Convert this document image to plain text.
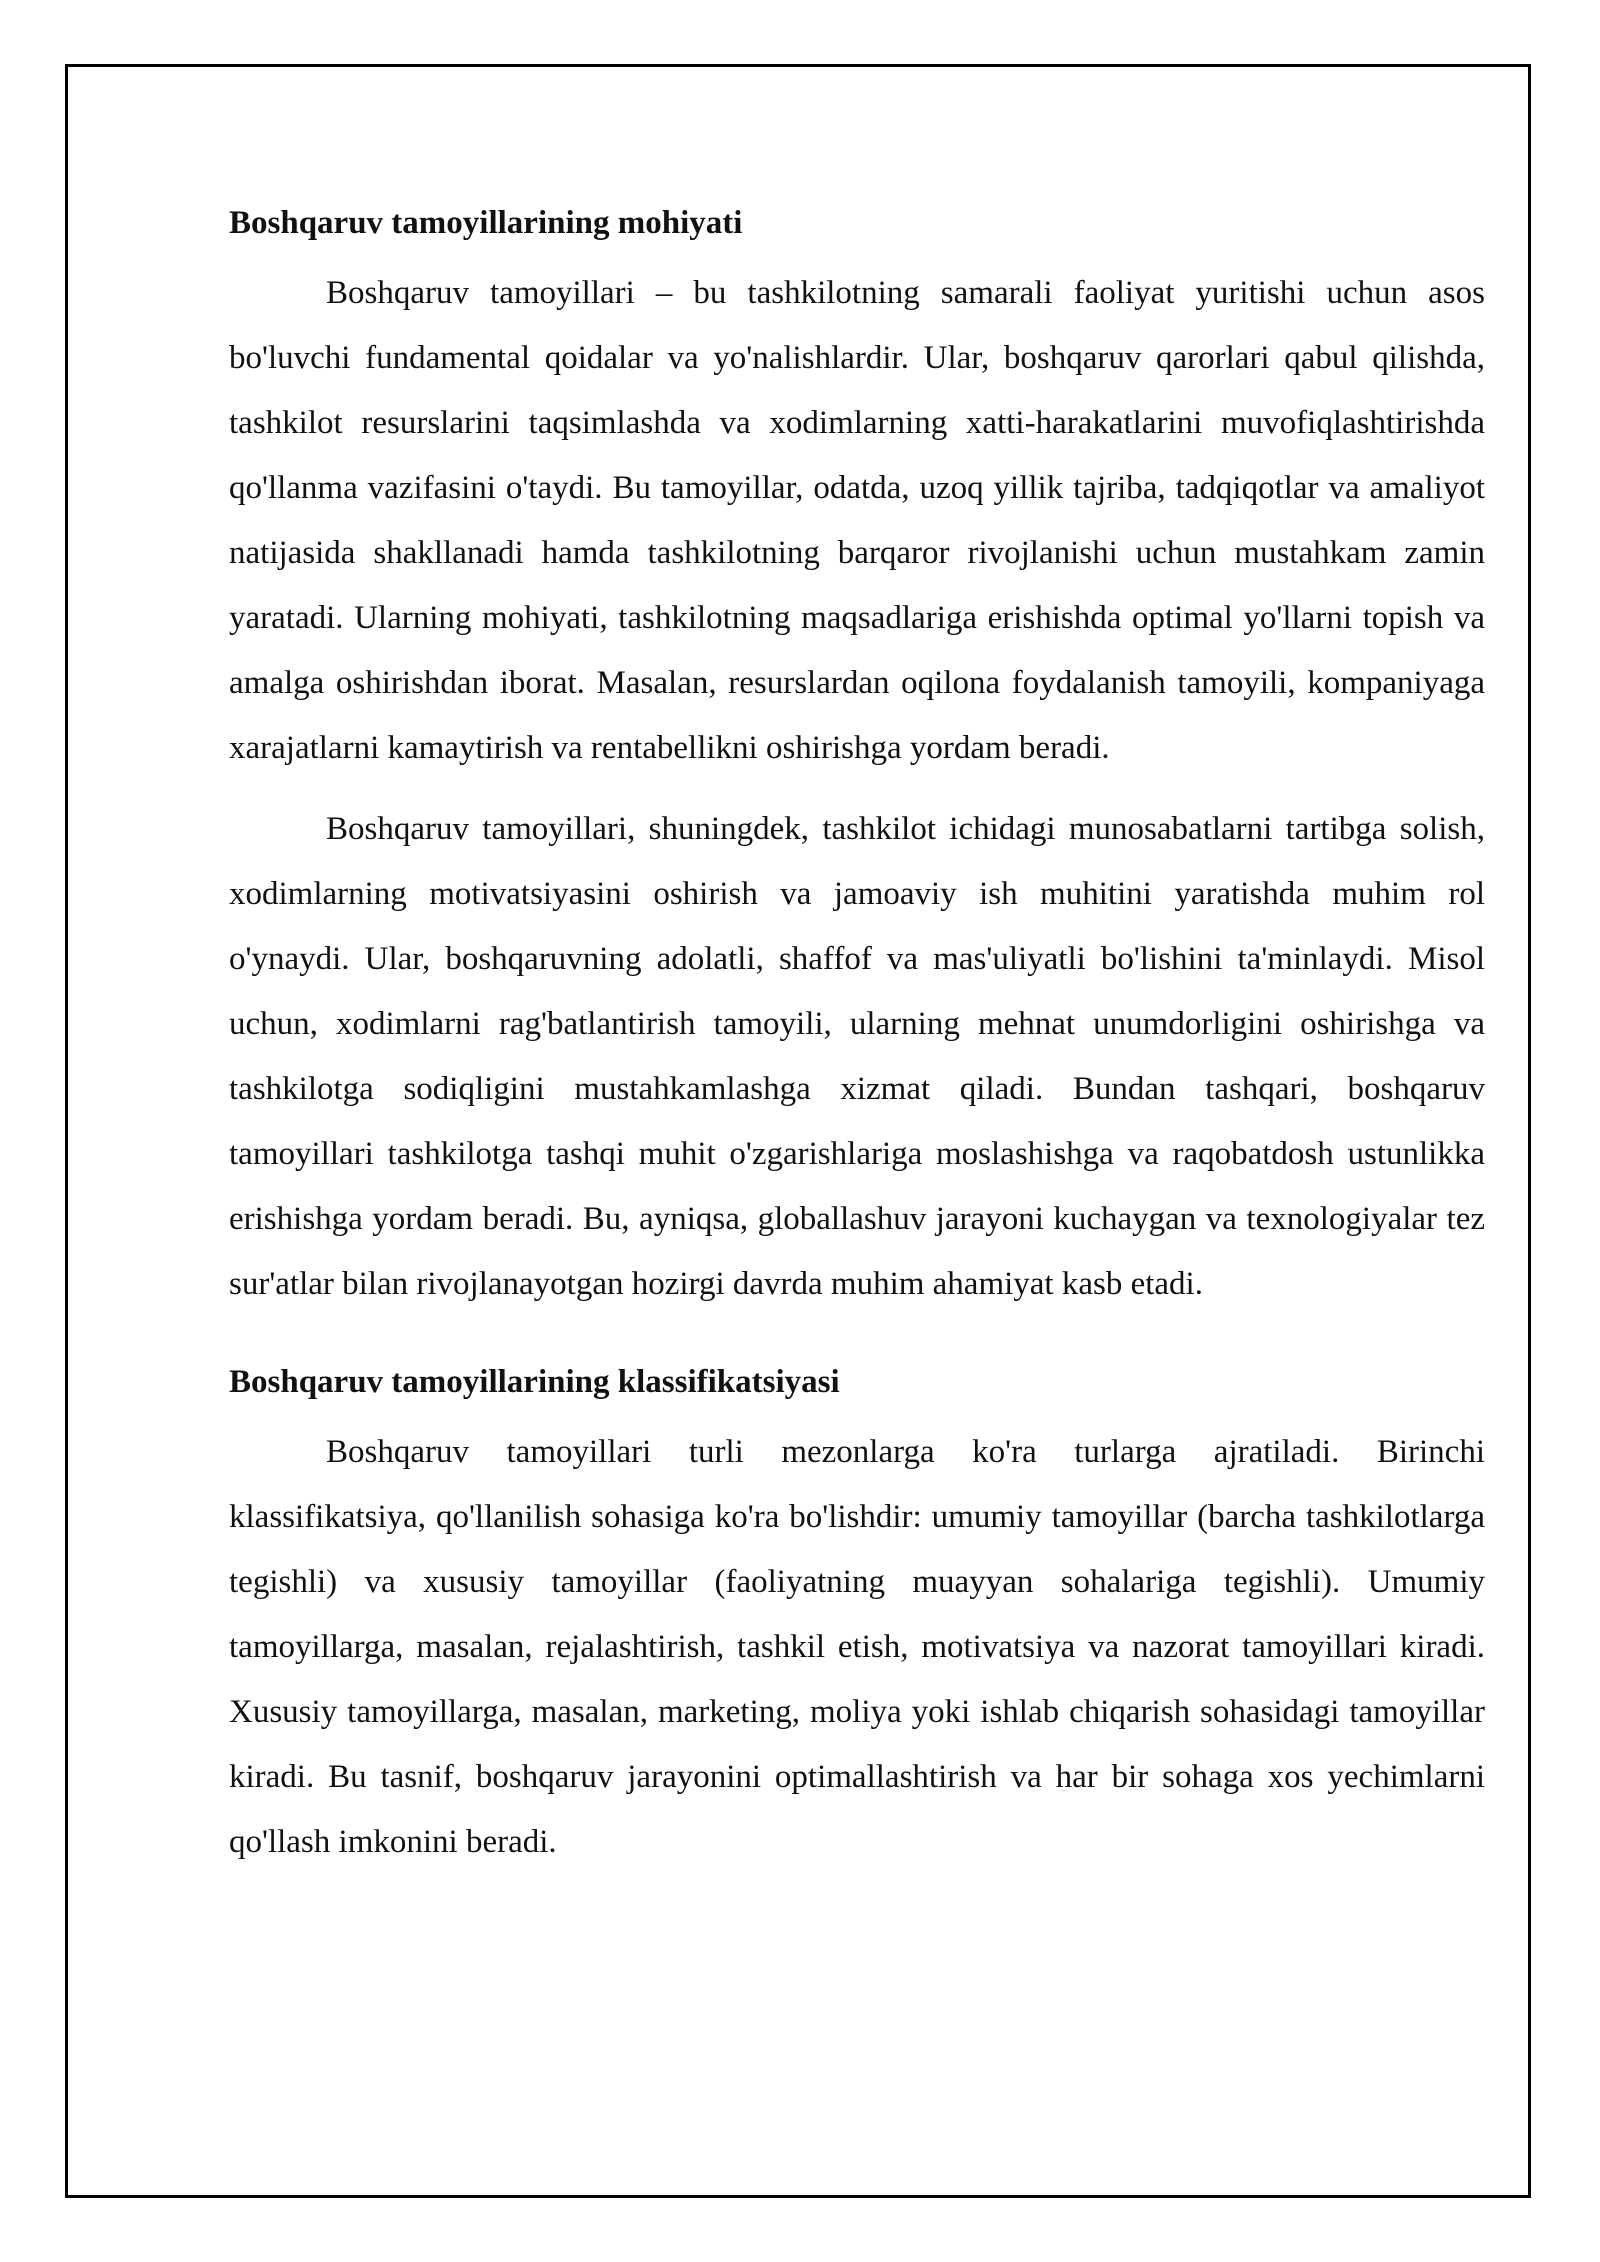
Boshqaruv tamoyillarining mohiyati

Boshqaruv tamoyillari – bu tashkilotning samarali faoliyat yuritishi uchun asos bo'luvchi fundamental qoidalar va yo'nalishlardir. Ular, boshqaruv qarorlari qabul qilishda, tashkilot resurslarini taqsimlashda va xodimlarning xatti-harakatlarini muvofiqlashtirishda qo'llanma vazifasini o'taydi. Bu tamoyillar, odatda, uzoq yillik tajriba, tadqiqotlar va amaliyot natijasida shakllanadi hamda tashkilotning barqaror rivojlanishi uchun mustahkam zamin yaratadi. Ularning mohiyati, tashkilotning maqsadlariga erishishda optimal yo'llarni topish va amalga oshirishdan iborat. Masalan, resurslardan oqilona foydalanish tamoyili, kompaniyaga xarajatlarni kamaytirish va rentabellikni oshirishga yordam beradi.

Boshqaruv tamoyillari, shuningdek, tashkilot ichidagi munosabatlarni tartibga solish, xodimlarning motivatsiyasini oshirish va jamoaviy ish muhitini yaratishda muhim rol o'ynaydi. Ular, boshqaruvning adolatli, shaffof va mas'uliyatli bo'lishini ta'minlaydi. Misol uchun, xodimlarni rag'batlantirish tamoyili, ularning mehnat unumdorligini oshirishga va tashkilotga sodiqligini mustahkamlashga xizmat qiladi. Bundan tashqari, boshqaruv tamoyillari tashkilotga tashqi muhit o'zgarishlariga moslashishga va raqobatdosh ustunlikka erishishga yordam beradi. Bu, ayniqsa, globallashuv jarayoni kuchaygan va texnologiyalar tez sur'atlar bilan rivojlanayotgan hozirgi davrda muhim ahamiyat kasb etadi.

Boshqaruv tamoyillarining klassifikatsiyasi

Boshqaruv tamoyillari turli mezonlarga ko'ra turlarga ajratiladi. Birinchi klassifikatsiya, qo'llanilish sohasiga ko'ra bo'lishdir: umumiy tamoyillar (barcha tashkilotlarga tegishli) va xususiy tamoyillar (faoliyatning muayyan sohalariga tegishli). Umumiy tamoyillarga, masalan, rejalashtirish, tashkil etish, motivatsiya va nazorat tamoyillari kiradi. Xususiy tamoyillarga, masalan, marketing, moliya yoki ishlab chiqarish sohasidagi tamoyillar kiradi. Bu tasnif, boshqaruv jarayonini optimallashtirish va har bir sohaga xos yechimlarni qo'llash imkonini beradi.
